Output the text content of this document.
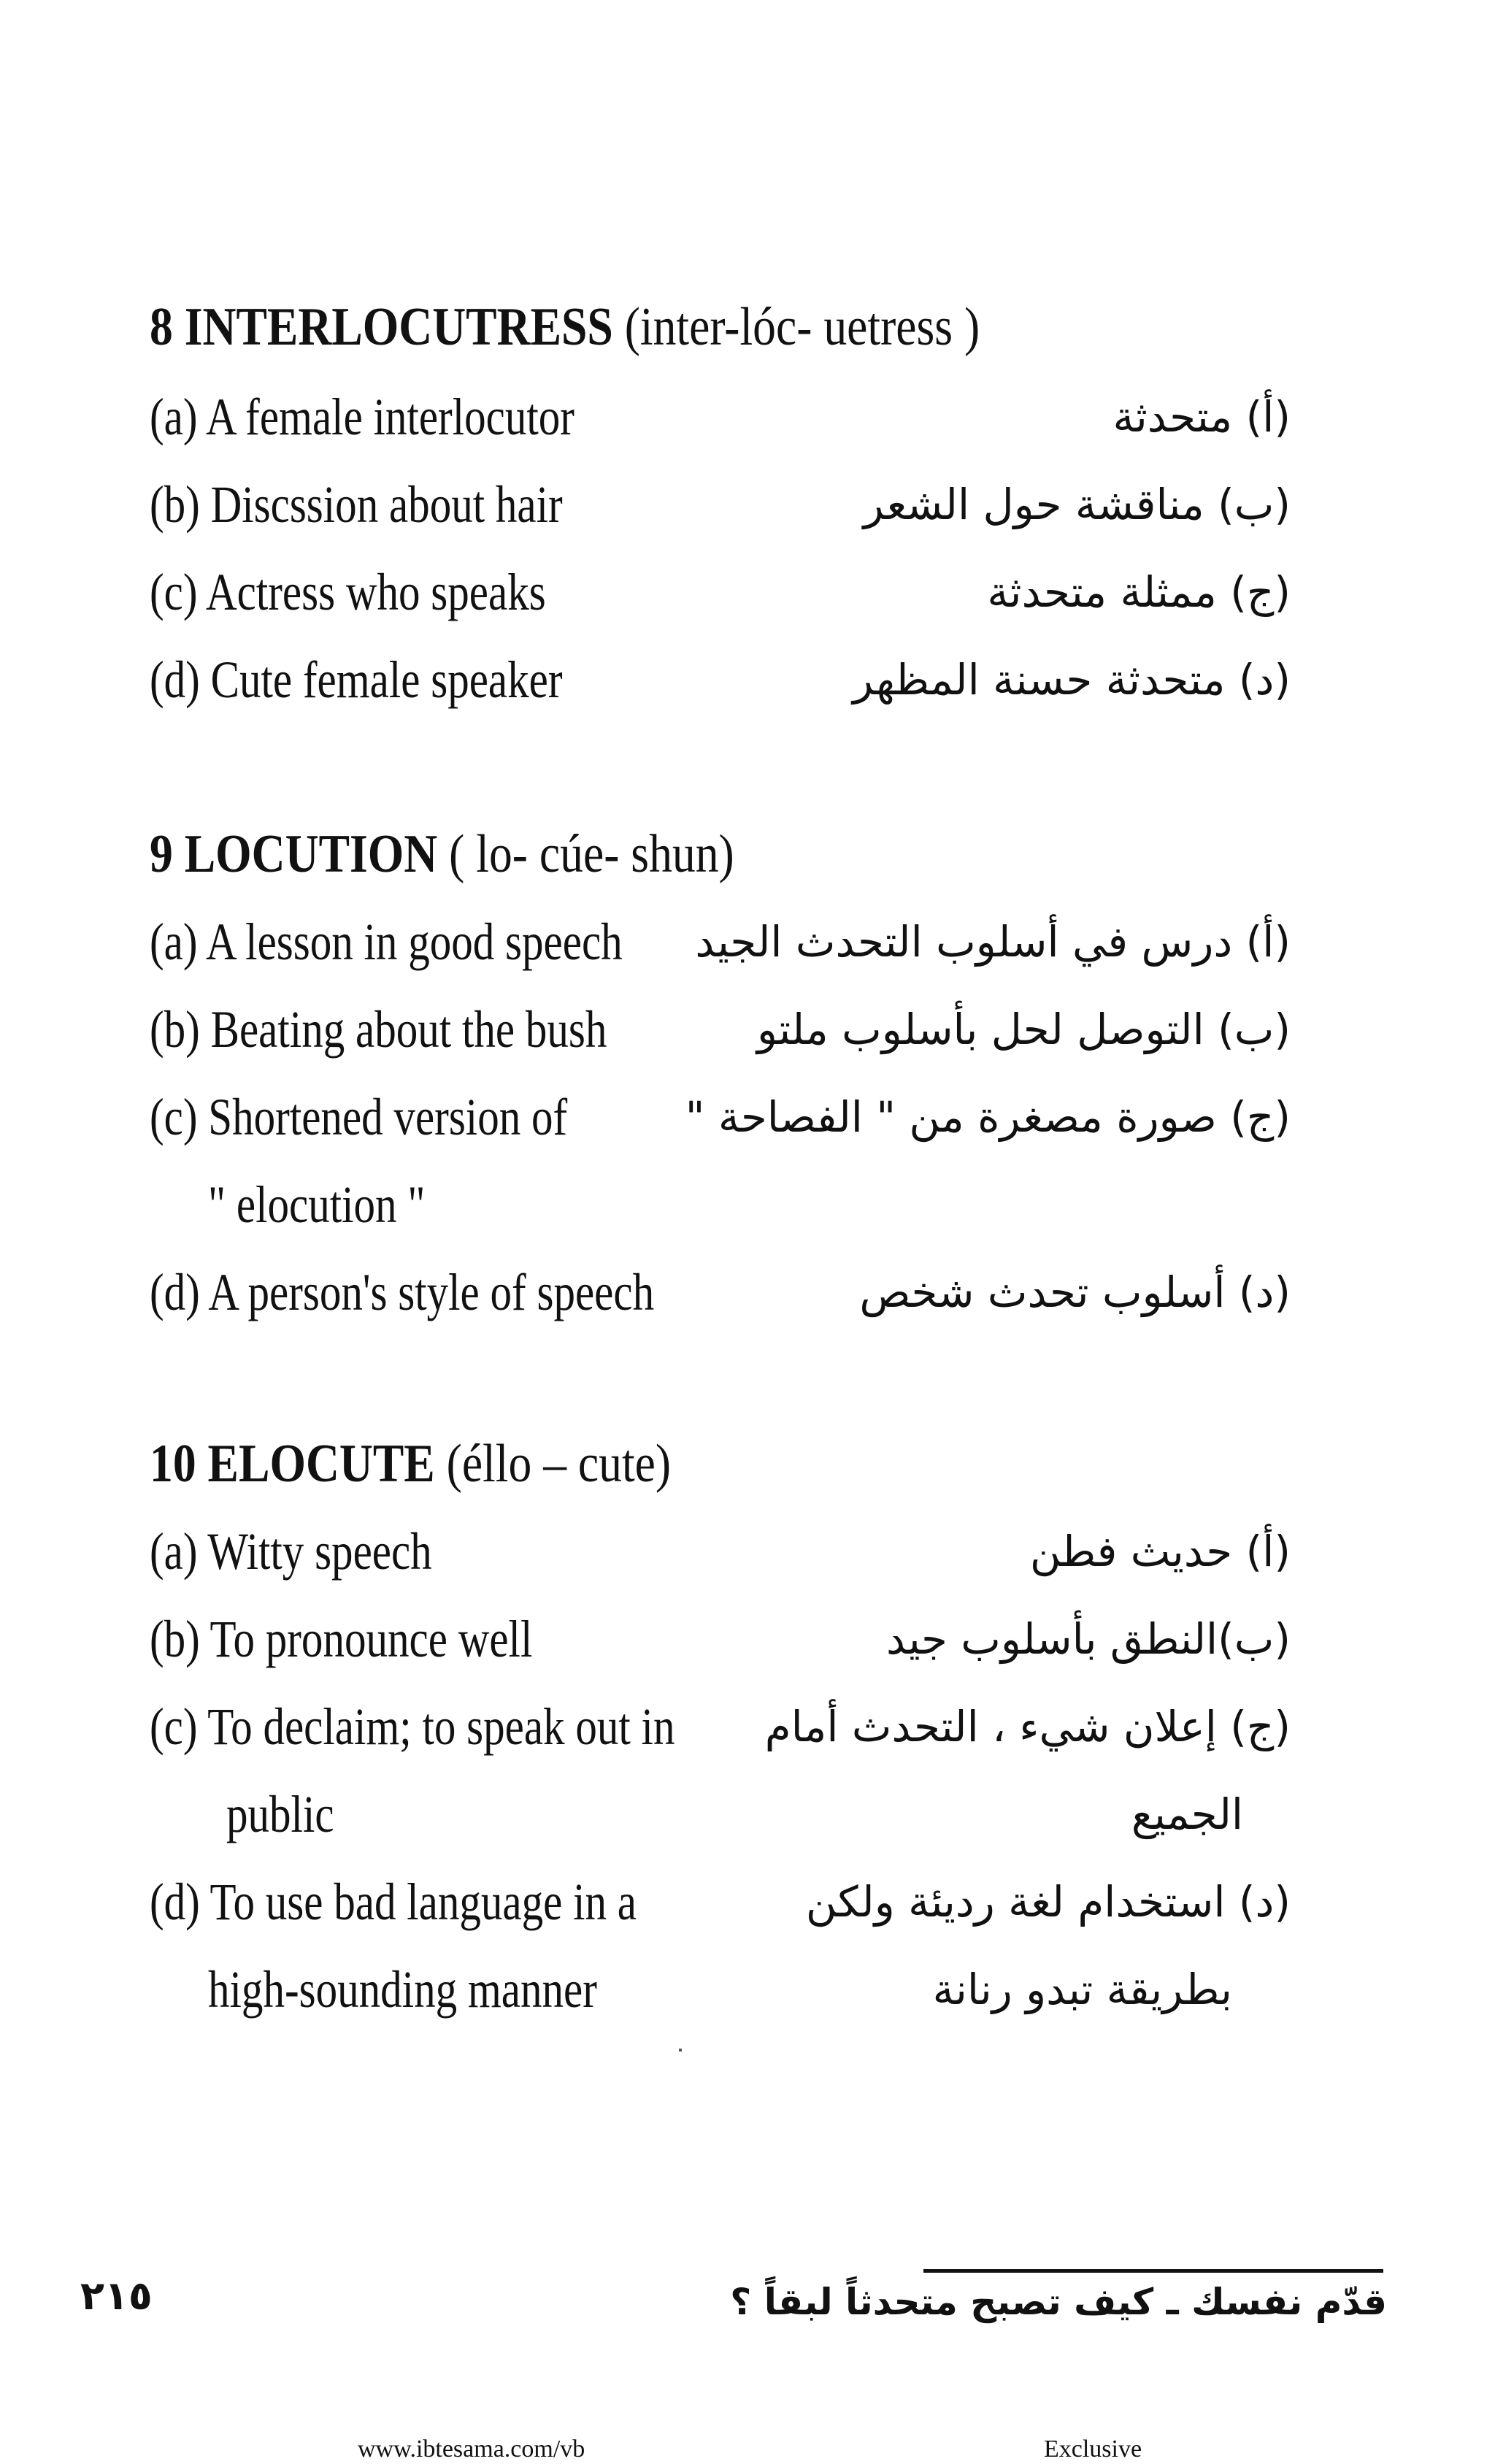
8 INTERLOCUTRESS (inter-lóc- uetress )
(a) A female interlocutor
(b) Discssion about hair
(c) Actress who speaks
(d) Cute female speaker
(أ) متحدثة
(ب) مناقشة حول الشعر
(ج) ممثلة متحدثة
(د) متحدثة حسنة المظهر
9 LOCUTION ( lo- cúe- shun)
(a) A lesson in good speech
(b) Beating about the bush
(c) Shortened version of
" elocution "
(d) A person's style of speech
(أ) درس في أسلوب التحدث الجيد
(ب) التوصل لحل بأسلوب ملتو
(ج) صورة مصغرة من " الفصاحة "
(د) أسلوب تحدث شخص
10 ELOCUTE (éllo – cute)
(a) Witty speech
(b) To pronounce well
(c) To declaim; to speak out in
public
(d) To use bad language in a
high-sounding manner
(أ) حديث فطن
(ب)النطق بأسلوب جيد
(ج) إعلان شيء ، التحدث أمام
الجميع
(د) استخدام لغة رديئة ولكن
بطريقة تبدو رنانة
٢١٥	قدّم نفسك ـ كيف تصبح متحدثاً لبقاً ؟
www.ibtesama.com/vb	Exclusive
